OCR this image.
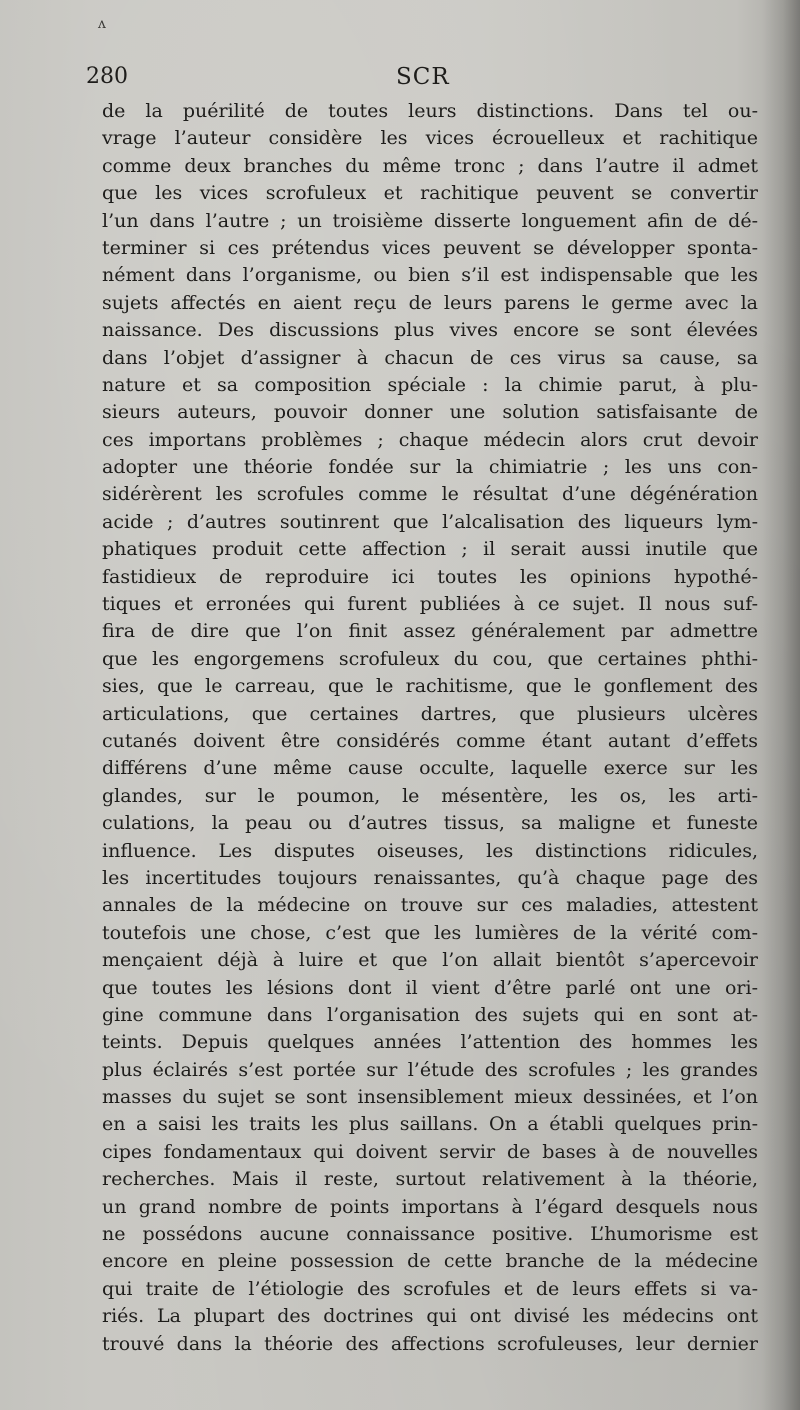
ʌ
280	SCR
de la puérilité de toutes leurs distinctions. Dans tel ou-
vrage l’auteur considère les vices écrouelleux et rachitique
comme deux branches du même tronc ; dans l’autre il admet
que les vices scrofuleux et rachitique peuvent se convertir
l’un dans l’autre ; un troisième disserte longuement afin de dé-
terminer si ces prétendus vices peuvent se développer sponta-
nément dans l’organisme, ou bien s’il est indispensable que les
sujets affectés en aient reçu de leurs parens le germe avec la
naissance. Des discussions plus vives encore se sont élevées
dans l’objet d’assigner à chacun de ces virus sa cause, sa
nature et sa composition spéciale : la chimie parut, à plu-
sieurs auteurs, pouvoir donner une solution satisfaisante de
ces importans problèmes ; chaque médecin alors crut devoir
adopter une théorie fondée sur la chimiatrie ; les uns con-
sidérèrent les scrofules comme le résultat d’une dégénération
acide ; d’autres soutinrent que l’alcalisation des liqueurs lym-
phatiques produit cette affection ; il serait aussi inutile que
fastidieux de reproduire ici toutes les opinions hypothé-
tiques et erronées qui furent publiées à ce sujet. Il nous suf-
fira de dire que l’on finit assez généralement par admettre
que les engorgemens scrofuleux du cou, que certaines phthi-
sies, que le carreau, que le rachitisme, que le gonflement des
articulations, que certaines dartres, que plusieurs ulcères
cutanés doivent être considérés comme étant autant d’effets
différens d’une même cause occulte, laquelle exerce sur les
glandes, sur le poumon, le mésentère, les os, les arti-
culations, la peau ou d’autres tissus, sa maligne et funeste
influence. Les disputes oiseuses, les distinctions ridicules,
les incertitudes toujours renaissantes, qu’à chaque page des
annales de la médecine on trouve sur ces maladies, attestent
toutefois une chose, c’est que les lumières de la vérité com-
mençaient déjà à luire et que l’on allait bientôt s’apercevoir
que toutes les lésions dont il vient d’être parlé ont une ori-
gine commune dans l’organisation des sujets qui en sont at-
teints. Depuis quelques années l’attention des hommes les
plus éclairés s’est portée sur l’étude des scrofules ; les grandes
masses du sujet se sont insensiblement mieux dessinées, et l’on
en a saisi les traits les plus saillans. On a établi quelques prin-
cipes fondamentaux qui doivent servir de bases à de nouvelles
recherches. Mais il reste, surtout relativement à la théorie,
un grand nombre de points importans à l’égard desquels nous
ne possédons aucune connaissance positive. L’humorisme est
encore en pleine possession de cette branche de la médecine
qui traite de l’étiologie des scrofules et de leurs effets si va-
riés. La plupart des doctrines qui ont divisé les médecins ont
trouvé dans la théorie des affections scrofuleuses, leur dernier
